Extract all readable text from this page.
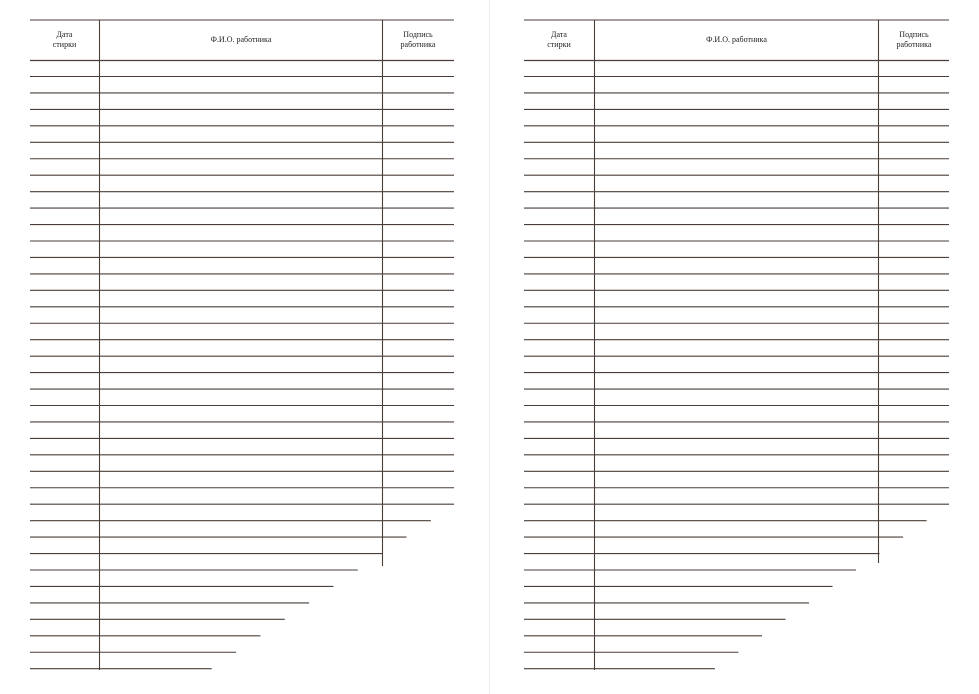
Дата
стирки
Ф.И.О. работника
Подпись
работника
Дата
стирки
Ф.И.О. работника
Подпись
работника
